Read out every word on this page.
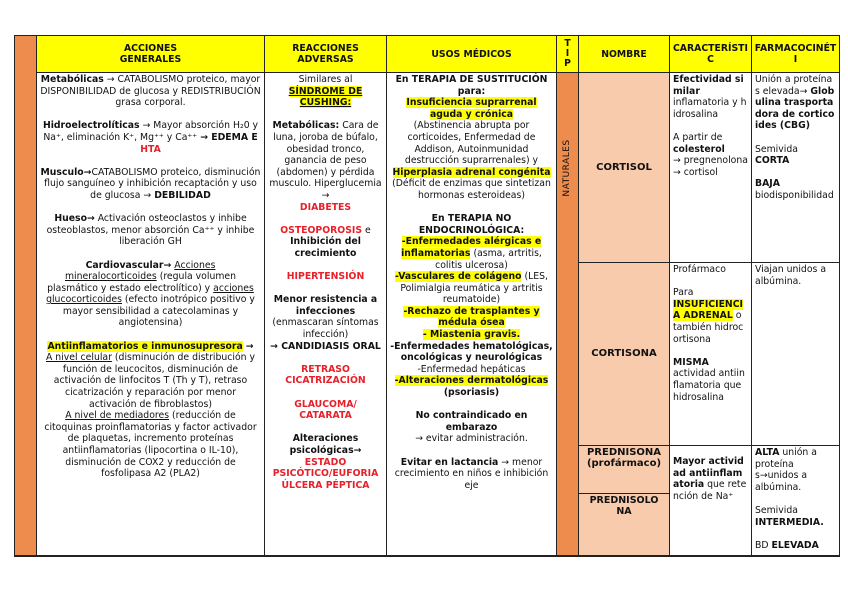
ACCIONES GENERALES
REACCIONES ADVERSAS	USOS MÉDICOS
T I P
NOMBRE	CARACTERÍSTIC
FARMACOCINÉTI

Metabólicas → CATABOLISMO proteico, mayor DISPONIBILIDAD de glucosa y REDISTRIBUCIÓN grasa corporal.

Hidroelectrolíticas → Mayor absorción H₂0 y Na⁺, eliminación K⁺, Mg⁺⁺ y Ca⁺⁺ → EDEMA E HTA

Musculo→CATABOLISMO proteico, disminución flujo sanguíneo y inhibición recaptación y uso de glucosa → DEBILIDAD

Hueso→ Activación osteoclastos y inhibe osteoblastos, menor absorción Ca⁺⁺ y inhibe liberación GH

Cardiovascular→ Acciones mineralocorticoides (regula volumen plasmático y estado electrolítico) y acciones glucocorticoides (efecto inotrópico positivo y mayor sensibilidad a catecolaminas y angiotensina)

Antiinflamatorios e inmunosupresora →

A nivel celular (disminución de distribución y función de leucocitos, disminución de activación de linfocitos T (Th y T), retraso cicatrización y reparación por menor activación de fibroblastos)

A nivel de mediadores (reducción de citoquinas proinflamatorias y factor activador de plaquetas, incremento proteínas antiinflamatorias (lipocortina o IL-10), disminución de COX2 y reducción de fosfolipasa A2 (PLA2)

Similares al

SÍNDROME DE CUSHING:

Metabólicas: Cara de luna, joroba de búfalo, obesidad tronco, ganancia de peso (abdomen) y pérdida musculo. Hiperglucemia →

DIABETES

OSTEOPOROSIS e

Inhibición del crecimiento

HIPERTENSIÓN

Menor resistencia a infecciones

(enmascaran síntomas infección)

→ CANDIDIASIS ORAL

RETRASO CICATRIZACIÓN

GLAUCOMA/ CATARATA

Alteraciones psicológicas→

ESTADO PSICÓTICO/EUFORIA

ÚLCERA PÉPTICA

En TERAPIA DE SUSTITUCIÓN para:

Insuficiencia suprarrenal aguda y crónica

(Abstinencia abrupta por corticoides, Enfermedad de Addison, Autoinmunidad destrucción suprarrenales) y

Hiperplasia adrenal congénita (Déficit de enzimas que sintetizan hormonas esteroideas)

En TERAPIA NO ENDOCRINOLÓGICA:

-Enfermedades alérgicas e inflamatorias (asma, artritis, colitis ulcerosa)

-Vasculares de colágeno (LES, Polimialgia reumática y artritis reumatoide)

-Rechazo de trasplantes y médula ósea

- Miastenia gravis.

-Enfermedades hematológicas, oncológicas y neurológicas

-Enfermedad hepáticas

-Alteraciones dermatológicas (psoriasis)

No contraindicado en embarazo

→ evitar administración.

Evitar en lactancia → menor crecimiento en niños e inhibición eje

NATURALES CORTISOL
CORTISONA
PREDNISONA (profármaco)
PREDNISOLONA

Efectividad similar

inflamatoria y hidrosalina

A partir de

colesterol

→ pregnenolona → cortisol

Profármaco

Para

INSUFICIENCIA ADRENAL o también hidrocortisona

MISMA

actividad antiinflamatoria que hidrosalina

Mayor actividad antiinflamatoria que retención de Na⁺

Unión a proteínas elevada→ Globulina trasportadora de corticoides (CBG)

Semivida

CORTA

BAJA

biodisponibilidad

Viajan unidos a albúmina.

ALTA unión a proteína s→unidos a albúmina.

Semivida

INTERMEDIA.

BD ELEVADA
